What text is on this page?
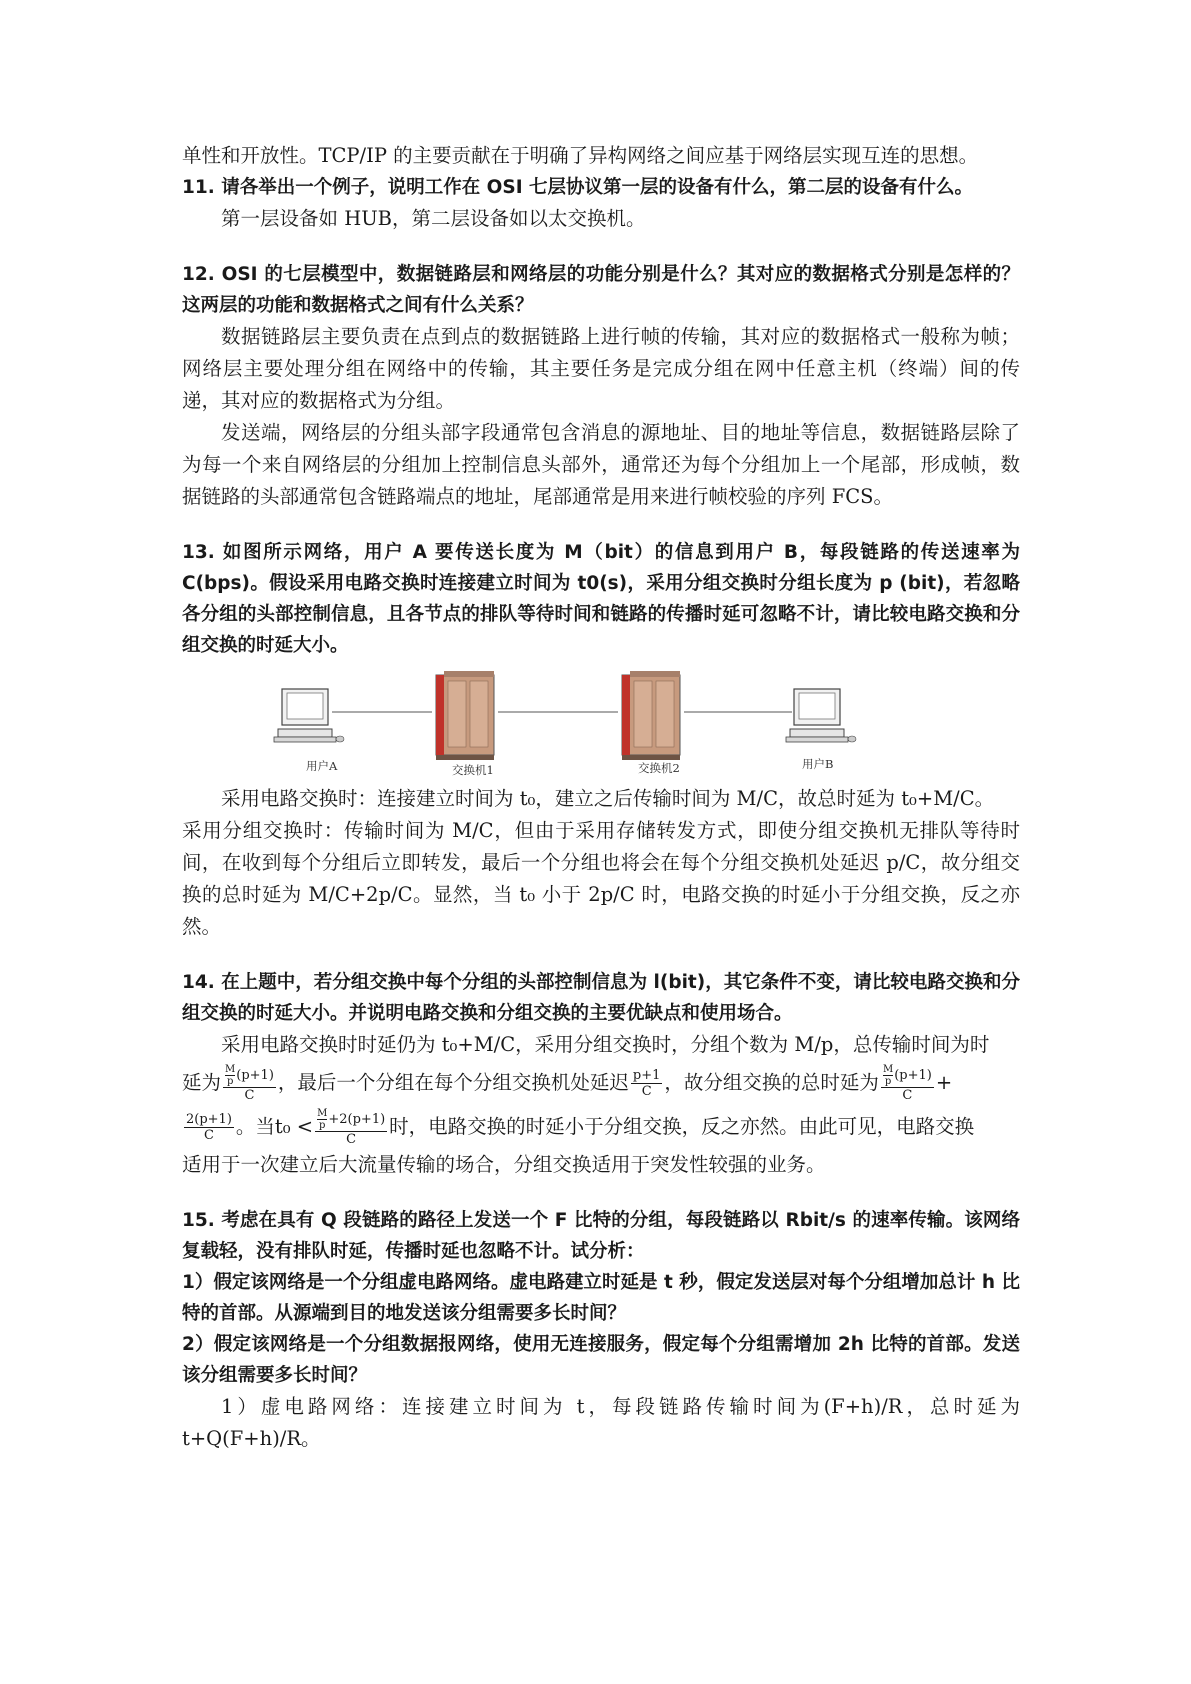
单性和开放性。TCP/IP 的主要贡献在于明确了异构网络之间应基于网络层实现互连的思想。

11. 请各举出一个例子，说明工作在 OSI 七层协议第一层的设备有什么，第二层的设备有什么。

第一层设备如 HUB，第二层设备如以太交换机。

12. OSI 的七层模型中，数据链路层和网络层的功能分别是什么？其对应的数据格式分别是怎样的？这两层的功能和数据格式之间有什么关系？

数据链路层主要负责在点到点的数据链路上进行帧的传输，其对应的数据格式一般称为帧；网络层主要处理分组在网络中的传输，其主要任务是完成分组在网中任意主机（终端）间的传递，其对应的数据格式为分组。

发送端，网络层的分组头部字段通常包含消息的源地址、目的地址等信息，数据链路层除了为每一个来自网络层的分组加上控制信息头部外，通常还为每个分组加上一个尾部，形成帧，数据链路的头部通常包含链路端点的地址，尾部通常是用来进行帧校验的序列 FCS。

13. 如图所示网络，用户 A 要传送长度为 M（bit）的信息到用户 B，每段链路的传送速率为 C(bps)。假设采用电路交换时连接建立时间为 t0(s)，采用分组交换时分组长度为 p (bit)，若忽略各分组的头部控制信息，且各节点的排队等待时间和链路的传播时延可忽略不计，请比较电路交换和分组交换的时延大小。

用户A	交换机1	交换机2	用户B

采用电路交换时：连接建立时间为 t₀，建立之后传输时间为 M/C，故总时延为 t₀+M/C。

采用分组交换时：传输时间为 M/C，但由于采用存储转发方式，即使分组交换机无排队等待时间，在收到每个分组后立即转发，最后一个分组也将会在每个分组交换机处延迟 p/C，故分组交换的总时延为 M/C+2p/C。显然，当 t₀ 小于 2p/C 时，电路交换的时延小于分组交换，反之亦然。

14. 在上题中，若分组交换中每个分组的头部控制信息为 l(bit)，其它条件不变，请比较电路交换和分组交换的时延大小。并说明电路交换和分组交换的主要优缺点和使用场合。

采用电路交换时时延仍为 t₀+M/C，采用分组交换时，分组个数为 M/p，总传输时间为时

延为 $\frac{\frac{M}{p} (p+1)}{C}$ ，最后一个分组在每个分组交换机处延迟 $\frac{p+1}{C}$ ，故分组交换的总时延为 $\frac{\frac{M}{p} (p+1)}{C}$ +

$\frac{2(p+1)}{C}$ 。当$t_0 < \frac{\frac{M}{p} +2(p+1)}{C}$ 时，电路交换的时延小于分组交换，反之亦然。由此可见，电路交换

适用于一次建立后大流量传输的场合，分组交换适用于突发性较强的业务。

15. 考虑在具有 Q 段链路的路径上发送一个 F 比特的分组，每段链路以 Rbit/s 的速率传输。该网络复载轻，没有排队时延，传播时延也忽略不计。试分析：

1）假定该网络是一个分组虚电路网络。虚电路建立时延是 t 秒，假定发送层对每个分组增加总计 h 比特的首部。从源端到目的地发送该分组需要多长时间？

2）假定该网络是一个分组数据报网络，使用无连接服务，假定每个分组需增加 2h 比特的首部。发送该分组需要多长时间？

1）虚电路网络：连接建立时间为 t，每段链路传输时间为(F+h)/R，总时延为 t+Q(F+h)/R。
